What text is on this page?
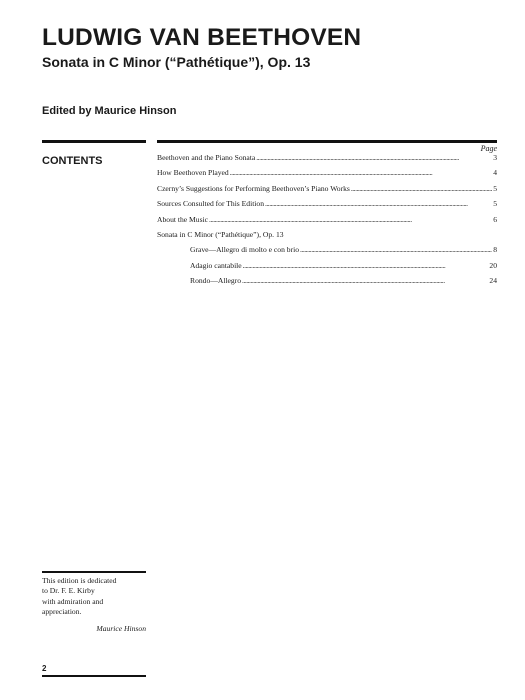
LUDWIG VAN BEETHOVEN
Sonata in C Minor (“Pathétique”), Op. 13
Edited by Maurice Hinson
CONTENTS
Page
Beethoven and the Piano Sonata . . .	3
How Beethoven Played . . .	4
Czerny’s Suggestions for Performing Beethoven’s Piano Works . . .	5
Sources Consulted for This Edition . . .	5
About the Music . . .	6
Sonata in C Minor (“Pathétique”), Op. 13
Grave—Allegro di molto e con brio . . .	8
Adagio cantabile . . .	20
Rondo—Allegro . . .	24
This edition is dedicated
to Dr. F. E. Kirby
with admiration and
appreciation.
Maurice Hinson
2
